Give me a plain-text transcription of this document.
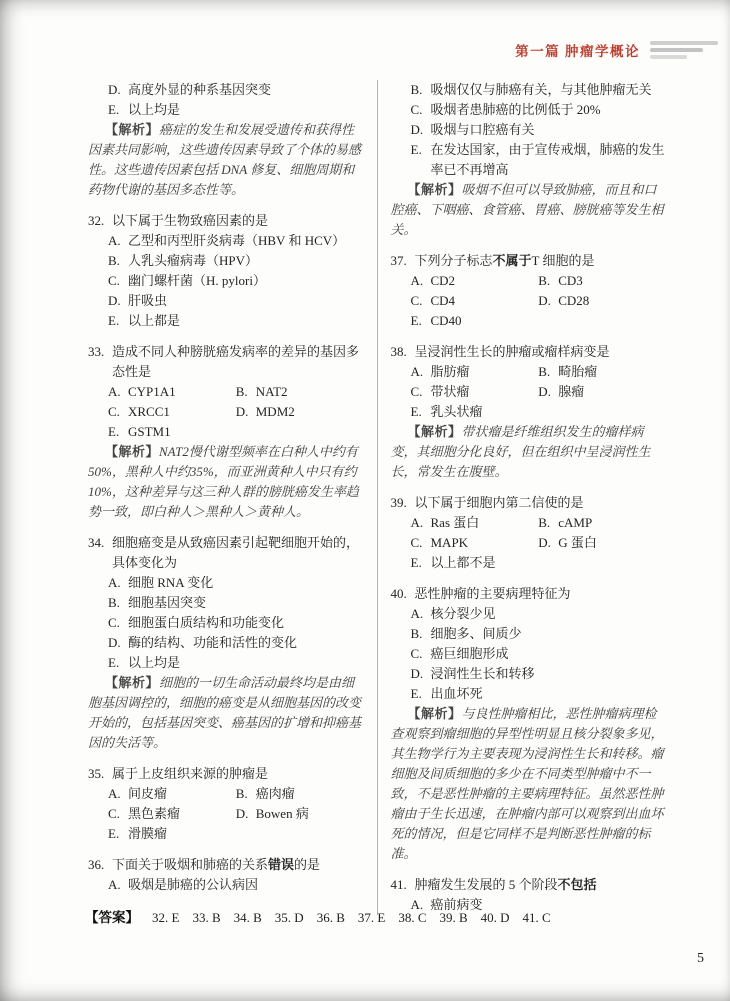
第一篇 肿瘤学概论

D. 高度外显的种系基因突变

E. 以上均是

【解析】癌症的发生和发展受遗传和获得性因素共同影响，这些遗传因素导致了个体的易感性。这些遗传因素包括 DNA 修复、细胞周期和药物代谢的基因多态性等。

32. 以下属于生物致癌因素的是

A. 乙型和丙型肝炎病毒（HBV 和 HCV）

B. 人乳头瘤病毒（HPV）

C. 幽门螺杆菌（H. pylori）

D. 肝吸虫

E. 以上都是

33. 造成不同人种膀胱癌发病率的差异的基因多态性是

A. CYP1A1	B. NAT2

C. XRCC1	D. MDM2

E. GSTM1

【解析】NAT2慢代谢型频率在白种人中约有50%，黑种人中约35%，而亚洲黄种人中只有约10%，这种差异与这三种人群的膀胱癌发生率趋势一致，即白种人＞黑种人＞黄种人。

34. 细胞癌变是从致癌因素引起靶细胞开始的，具体变化为

A. 细胞 RNA 变化

B. 细胞基因突变

C. 细胞蛋白质结构和功能变化

D. 酶的结构、功能和活性的变化

E. 以上均是

【解析】细胞的一切生命活动最终均是由细胞基因调控的，细胞的癌变是从细胞基因的改变开始的，包括基因突变、癌基因的扩增和抑癌基因的失活等。

35. 属于上皮组织来源的肿瘤是

A. 间皮瘤	B. 癌肉瘤

C. 黑色素瘤	D. Bowen 病

E. 滑膜瘤

36. 下面关于吸烟和肺癌的关系错误的是

A. 吸烟是肺癌的公认病因

B. 吸烟仅仅与肺癌有关，与其他肿瘤无关

C. 吸烟者患肺癌的比例低于 20%

D. 吸烟与口腔癌有关

E. 在发达国家，由于宣传戒烟，肺癌的发生率已不再增高

【解析】吸烟不但可以导致肺癌，而且和口腔癌、下咽癌、食管癌、胃癌、膀胱癌等发生相关。

37. 下列分子标志不属于T 细胞的是

A. CD2	B. CD3

C. CD4	D. CD28

E. CD40

38. 呈浸润性生长的肿瘤或瘤样病变是

A. 脂肪瘤	B. 畸胎瘤

C. 带状瘤	D. 腺瘤

E. 乳头状瘤

【解析】带状瘤是纤维组织发生的瘤样病变，其细胞分化良好，但在组织中呈浸润性生长，常发生在腹壁。

39. 以下属于细胞内第二信使的是

A. Ras 蛋白	B. cAMP

C. MAPK	D. G 蛋白

E. 以上都不是

40. 恶性肿瘤的主要病理特征为

A. 核分裂少见

B. 细胞多、间质少

C. 癌巨细胞形成

D. 浸润性生长和转移

E. 出血坏死

【解析】与良性肿瘤相比，恶性肿瘤病理检查观察到瘤细胞的异型性明显且核分裂象多见，其生物学行为主要表现为浸润性生长和转移。瘤细胞及间质细胞的多少在不同类型肿瘤中不一致，不是恶性肿瘤的主要病理特征。虽然恶性肿瘤由于生长迅速，在肿瘤内部可以观察到出血坏死的情况，但是它同样不是判断恶性肿瘤的标准。

41. 肿瘤发生发展的 5 个阶段不包括

A. 癌前病变

【答案】 32. E 33. B 34. B 35. D 36. B 37. E 38. C 39. B 40. D 41. C
5
